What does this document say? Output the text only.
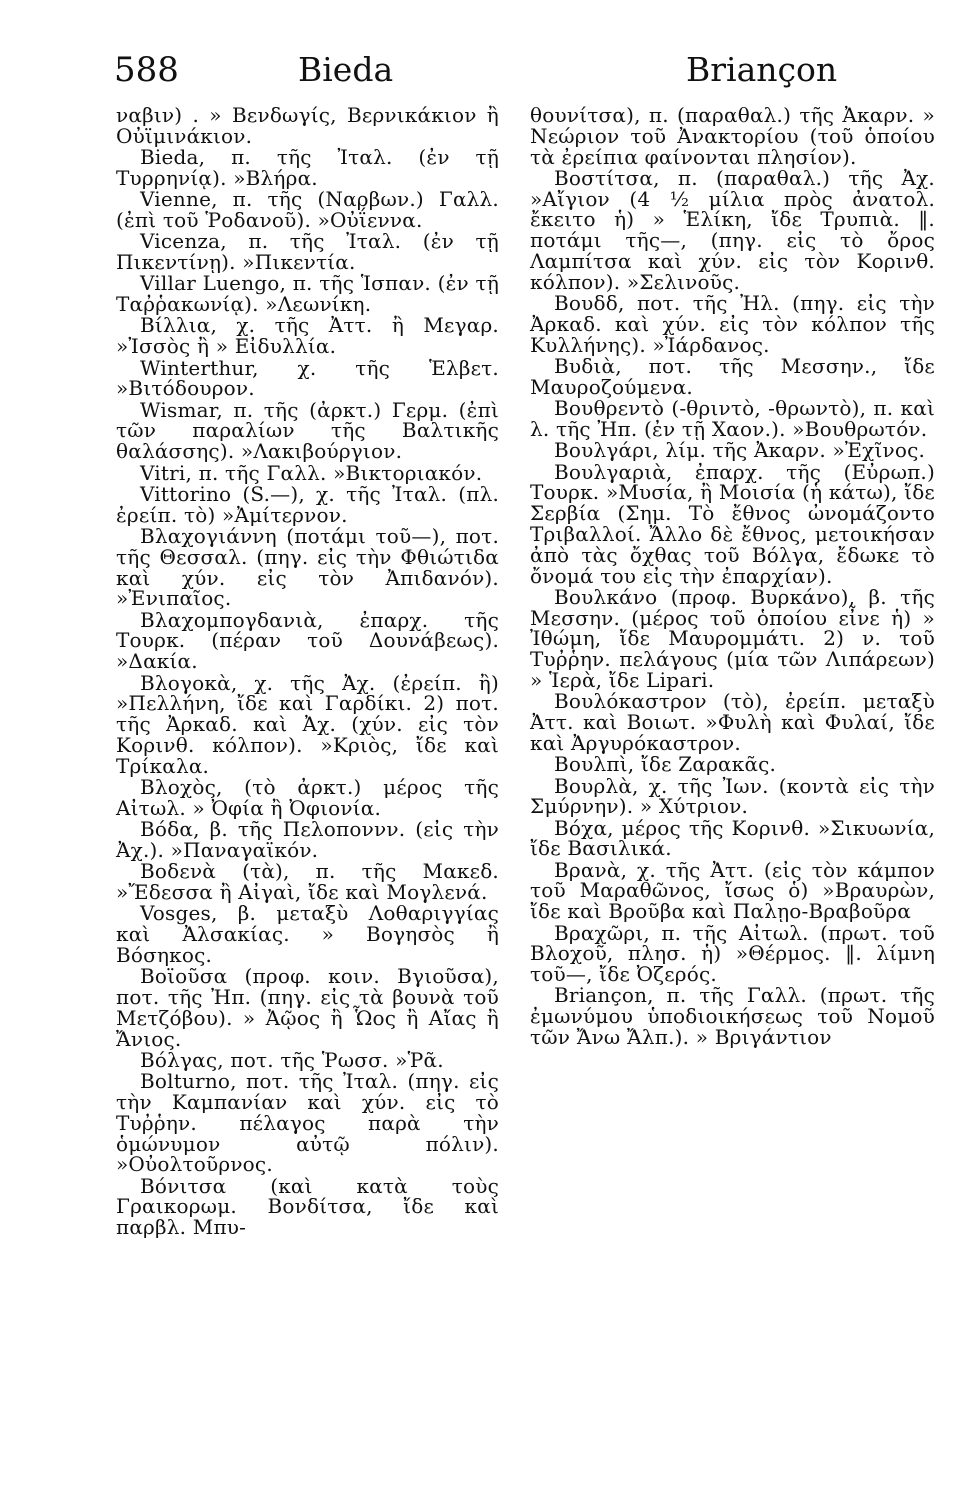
588	Bieda	Briançon

ναβιν) . » Βενδωγίς, Βερνικάκιον ἢ Οὐϊμινάκιον.

Bieda, π. τῆς Ἰταλ. (ἐν τῇ Τυρρηνίᾳ). »Βλήρα.

Vienne, π. τῆς (Ναρβων.) Γαλλ. (ἐπὶ τοῦ Ῥοδανοῦ). »Οὐΐεννα.

Vicenza, π. τῆς Ἰταλ. (ἐν τῇ Πικεντίνῃ). »Πικεντία.

Villar Luengo, π. τῆς Ἱσπαν. (ἐν τῇ Ταῤῥακωνίᾳ). »Λεωνίκη.

Βίλλια, χ. τῆς Ἀττ. ἢ Μεγαρ. »Ἰσσὸς ἢ » Εἰδυλλία.

Winterthur, χ. τῆς Ἑλβετ. »Βιτόδουρον.

Wismar, π. τῆς (ἀρκτ.) Γερμ. (ἐπὶ τῶν παραλίων τῆς Βαλτικῆς θαλάσσης). »Λακιβούργιον.

Vitri, π. τῆς Γαλλ. »Βικτοριακόν.

Vittorino (S.—), χ. τῆς Ἰταλ. (πλ. ἐρείπ. τὸ) »Ἀμίτερνον.

Βλαχογιάννη (ποτάμι τοῦ—), ποτ. τῆς Θεσσαλ. (πηγ. εἰς τὴν Φθιώτιδα καὶ χύν. εἰς τὸν Ἀπιδανόν). »Ἐνιπαῖος.

Βλαχομπογδανιὰ, ἐπαρχ. τῆς Τουρκ. (πέραν τοῦ Δουνάβεως). »Δακία.

Βλογοκὰ, χ. τῆς Ἀχ. (ἐρείπ. ἢ) »Πελλήνη, ἴδε καὶ Γαρδίκι. 2) ποτ. τῆς Ἀρκαδ. καὶ Ἀχ. (χύν. εἰς τὸν Κορινθ. κόλπον). »Κριὸς, ἴδε καὶ Τρίκαλα.

Βλοχὸς, (τὸ ἀρκτ.) μέρος τῆς Αἰτωλ. » Ὀφία ἢ Ὀφιονία.

Βόδα, β. τῆς Πελοποννν. (εἰς τὴν Ἀχ.). »Παναγαϊκόν.

Βοδενὰ (τὰ), π. τῆς Μακεδ. »Ἔδεσσα ἢ Αἰγαὶ, ἴδε καὶ Μογλενά.

Vosges, β. μεταξὺ Λοθαριγγίας καὶ Ἀλσακίας. » Βογησὸς ἢ Βόσηκος.

Βοϊοῦσα (προφ. κοιν. Βγιοῦσα), ποτ. τῆς Ἠπ. (πηγ. εἰς τὰ βουνὰ τοῦ Μετζόβου). » Ἀῷος ἢ Ὧος ἢ Αἴας ἢ Ἄνιος.

Βόλγας, ποτ. τῆς Ῥωσσ. »Ῥᾶ.

Bolturno, ποτ. τῆς Ἰταλ. (πηγ. εἰς τὴν Καμπανίαν καὶ χύν. εἰς τὸ Τυῤῥην. πέλαγος παρὰ τὴν ὁμώνυμον αὐτῷ πόλιν). »Οὐολτοῦρνος.

Βόνιτσα (καὶ κατὰ τοὺς Γραικορωμ. Βονδίτσα, ἴδε καὶ παρβλ. Μπυ-

θουνίτσα), π. (παραθαλ.) τῆς Ἀκαρν. » Νεώριον τοῦ Ἀνακτορίου (τοῦ ὁποίου τὰ ἐρείπια φαίνονται πλησίον).

Βοστίτσα, π. (παραθαλ.) τῆς Ἀχ. »Αἴγιον (4 ½ μίλια πρὸς ἀνατολ. ἔκειτο ἡ) » Ἑλίκη, ἴδε Τρυπιὰ. ‖. ποτάμι τῆς—, (πηγ. εἰς τὸ ὄρος Λαμπίτσα καὶ χύν. εἰς τὸν Κορινθ. κόλπον). »Σελινοῦς.

Βουδδ, ποτ. τῆς Ἠλ. (πηγ. εἰς τὴν Ἀρκαδ. καὶ χύν. εἰς τὸν κόλπον τῆς Κυλλήνης). »Ἰάρδανος.

Βυδιὰ, ποτ. τῆς Μεσσην., ἴδε Μαυροζούμενα.

Βουθρεντὸ (-θριντὸ, -θρωντὸ), π. καὶ λ. τῆς Ἠπ. (ἐν τῇ Χαον.). »Βουθρωτόν.

Βουλγάρι, λίμ. τῆς Ἀκαρν. »Ἐχῖνος.

Βουλγαριὰ, ἐπαρχ. τῆς (Εὐρωπ.) Τουρκ. »Μυσία, ἢ Μοισία (ἡ κάτω), ἴδε Σερβία (Σημ. Τὸ ἔθνος ὠνομάζοντο Τριβαλλοί. Ἄλλο δὲ ἔθνος, μετοικήσαν ἀπὸ τὰς ὄχθας τοῦ Βόλγα, ἔδωκε τὸ ὄνομά του εἰς τὴν ἐπαρχίαν).

Βουλκάνο (προφ. Βυρκάνο), β. τῆς Μεσσην. (μέρος τοῦ ὁποίου εἶνε ἡ) » Ἰθώμη, ἴδε Μαυρομμάτι. 2) ν. τοῦ Τυῤῥην. πελάγους (μία τῶν Λιπάρεων) » Ἱερὰ, ἴδε Lipari.

Βουλόκαστρον (τὸ), ἐρείπ. μεταξὺ Ἀττ. καὶ Βοιωτ. »Φυλὴ καὶ Φυλαί, ἴδε καὶ Ἀργυρόκαστρον.

Βουλπὶ, ἴδε Ζαρακᾶς.

Βουρλὰ, χ. τῆς Ἰων. (κοντὰ εἰς τὴν Σμύρνην). » Χύτριον.

Βόχα, μέρος τῆς Κορινθ. »Σικυωνία, ἴδε Βασιλικά.

Βρανὰ, χ. τῆς Ἀττ. (εἰς τὸν κάμπον τοῦ Μαραθῶνος, ἴσως ὁ) »Βραυρὼν, ἴδε καὶ Βροῦβα καὶ Παλῃο-Βραβοῦρα

Βραχῶρι, π. τῆς Αἰτωλ. (πρωτ. τοῦ Βλοχοῦ, πλησ. ἡ) »Θέρμος. ‖. λίμνη τοῦ—, ἴδε Ὀζερός.

Briançon, π. τῆς Γαλλ. (πρωτ. τῆς ἐμωνύμου ὑποδιοικήσεως τοῦ Νομοῦ τῶν Ἄνω Ἄλπ.). » Βριγάντιον
